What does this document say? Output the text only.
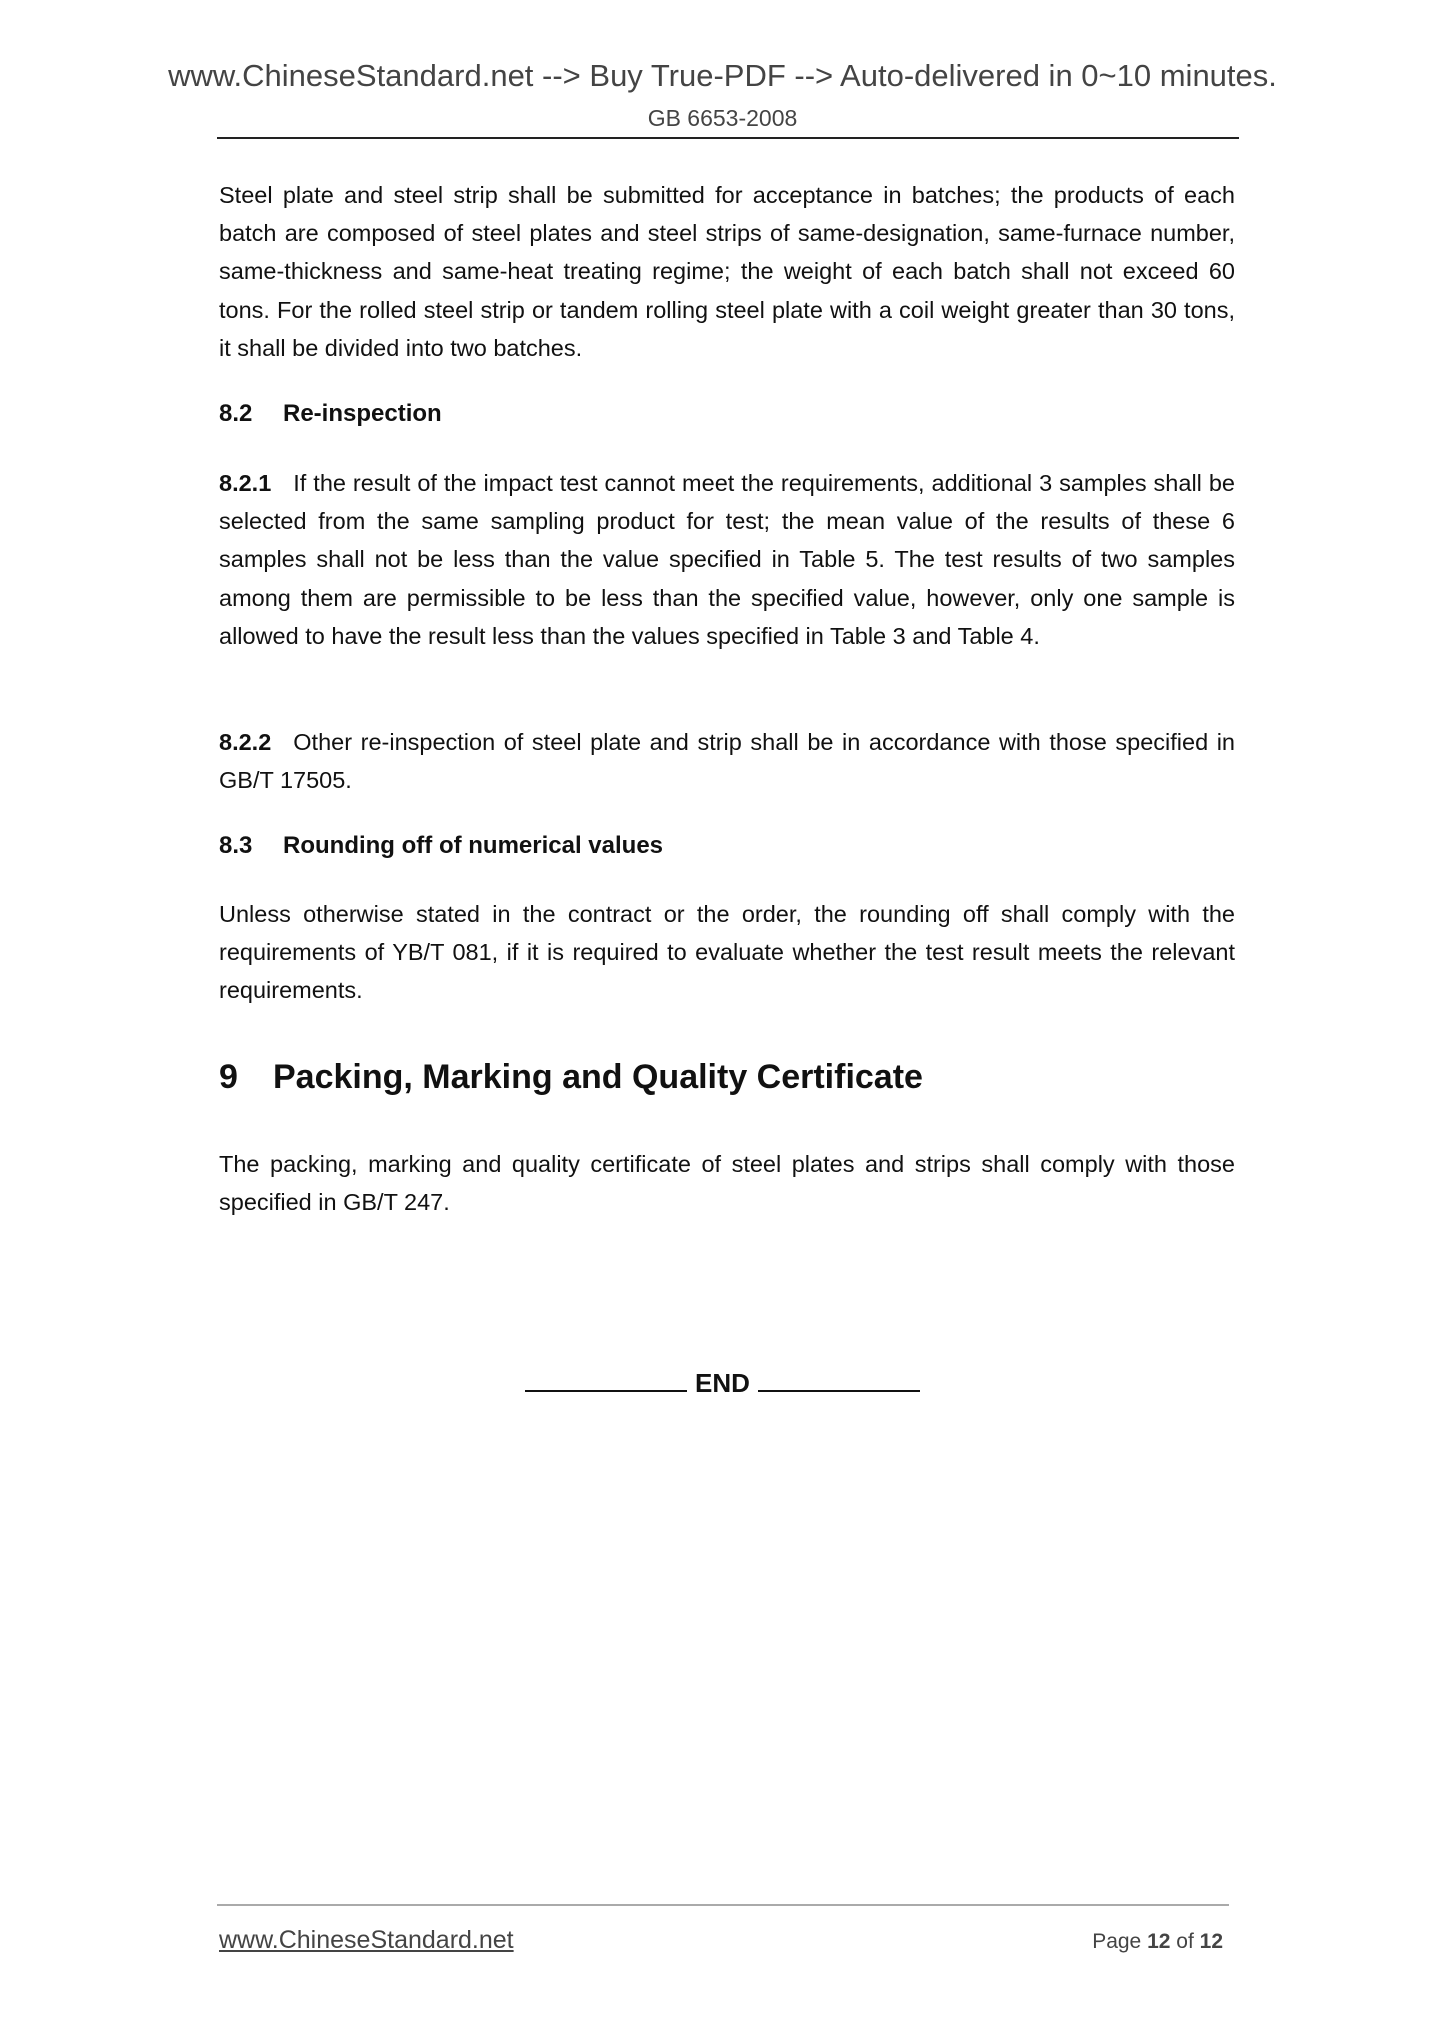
www.ChineseStandard.net --> Buy True-PDF --> Auto-delivered in 0~10 minutes.
GB 6653-2008
Steel plate and steel strip shall be submitted for acceptance in batches; the products of each batch are composed of steel plates and steel strips of same-designation, same-furnace number, same-thickness and same-heat treating regime; the weight of each batch shall not exceed 60 tons. For the rolled steel strip or tandem rolling steel plate with a coil weight greater than 30 tons, it shall be divided into two batches.
8.2 Re-inspection
8.2.1 If the result of the impact test cannot meet the requirements, additional 3 samples shall be selected from the same sampling product for test; the mean value of the results of these 6 samples shall not be less than the value specified in Table 5. The test results of two samples among them are permissible to be less than the specified value, however, only one sample is allowed to have the result less than the values specified in Table 3 and Table 4.
8.2.2 Other re-inspection of steel plate and strip shall be in accordance with those specified in GB/T 17505.
8.3 Rounding off of numerical values
Unless otherwise stated in the contract or the order, the rounding off shall comply with the requirements of YB/T 081, if it is required to evaluate whether the test result meets the relevant requirements.
9 Packing, Marking and Quality Certificate
The packing, marking and quality certificate of steel plates and strips shall comply with those specified in GB/T 247.
END
www.ChineseStandard.net	Page 12 of 12
